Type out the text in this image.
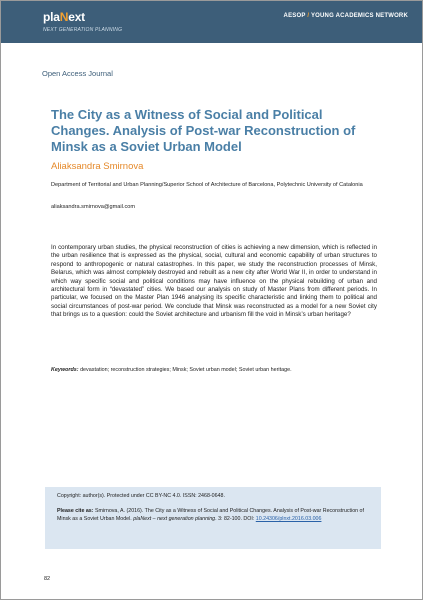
plaNext
NEXT GENERATION PLANNING
AESOP / YOUNG ACADEMICS NETWORK
Open Access Journal
The City as a Witness of Social and Political Changes. Analysis of Post-war Reconstruction of Minsk as a Soviet Urban Model
Aliaksandra Smirnova
Department of Territorial and Urban Planning/Superior School of Architecture of Barcelona, Polytechnic University of Catalonia
aliaksandra.smirnova@gmail.com

In contemporary urban studies, the physical reconstruction of cities is achieving a new dimension, which is reflected in the urban resilience that is expressed as the physical, social, cultural and economic capability of urban structures to respond to anthropogenic or natural catastrophes. In this paper, we study the reconstruction processes of Minsk, Belarus, which was almost completely destroyed and rebuilt as a new city after World War II, in order to understand in which way specific social and political conditions may have influence on the physical rebuilding of urban and architectural form in “devastated” cities. We based our analysis on study of Master Plans from different periods. In particular, we focused on the Master Plan 1946 analysing its specific characteristic and linking them to political and social circumstances of post-war period. We conclude that Minsk was reconstructed as a model for a new Soviet city that brings us to a question: could the Soviet architecture and urbanism fill the void in Minsk’s urban heritage?

Keywords: devastation; reconstruction strategies; Minsk; Soviet urban model; Soviet urban heritage.
Copyright: author(s). Protected under CC BY-NC 4.0. ISSN: 2468-0648.

Please cite as: Smirnova, A. (2016). The City as a Witness of Social and Political Changes. Analysis of Post-war Reconstruction of Minsk as a Soviet Urban Model. plaNext – next generation planning. 3: 82-100. DOI: 10.24306/plnxt.2016.03.006

82
